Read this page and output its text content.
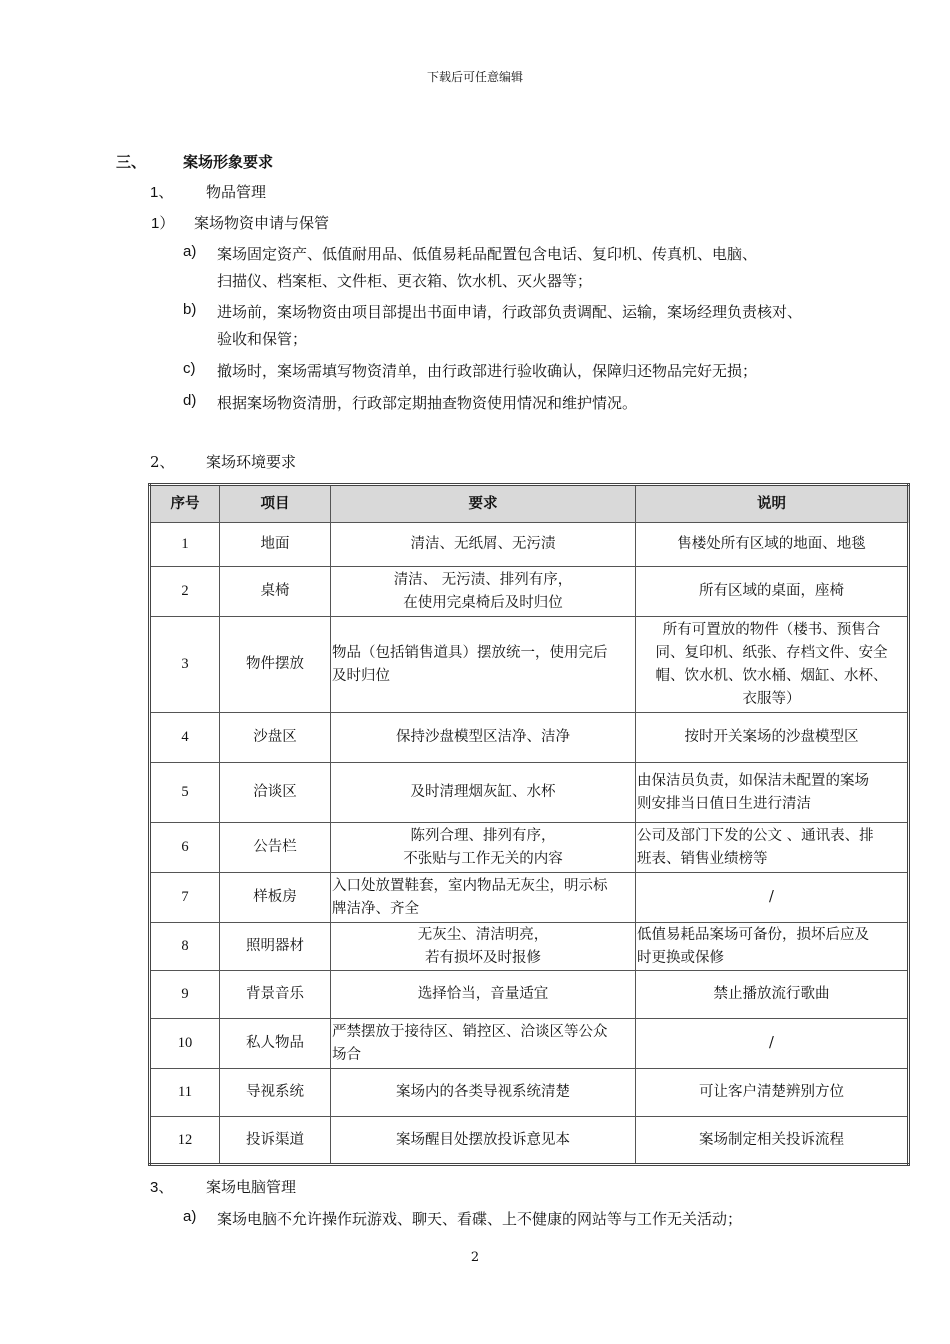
下载后可任意编辑
三、 案场形象要求
1、 物品管理
1） 案场物资申请与保管
a) 案场固定资产、低值耐用品、低值易耗品配置包含电话、复印机、传真机、电脑、
扫描仪、档案柜、文件柜、更衣箱、饮水机、灭火器等；
b) 进场前，案场物资由项目部提出书面申请，行政部负责调配、运输，案场经理负责核对、
验收和保管；
c) 撤场时，案场需填写物资清单，由行政部进行验收确认，保障归还物品完好无损；
d) 根据案场物资清册，行政部定期抽查物资使用情况和维护情况。
2、 案场环境要求
序号	项目	要求	说明
1	地面	清洁、无纸屑、无污渍	售楼处所有区域的地面、地毯
2	桌椅	清洁、 无污渍、排列有序，
在使用完桌椅后及时归位	所有区域的桌面，座椅
3	物件摆放	物品（包括销售道具）摆放统一，使用完后
及时归位	所有可置放的物件（楼书、预售合
同、复印机、纸张、存档文件、安全
帽、饮水机、饮水桶、烟缸、水杯、
衣服等）
4	沙盘区	保持沙盘模型区洁净、洁净	按时开关案场的沙盘模型区
5	洽谈区	及时清理烟灰缸、水杯	由保洁员负责，如保洁未配置的案场
则安排当日值日生进行清洁
6	公告栏	陈列合理、排列有序，
不张贴与工作无关的内容	公司及部门下发的公文 、通讯表、排
班表、销售业绩榜等
7	样板房	入口处放置鞋套，室内物品无灰尘，明示标
牌洁净、齐全	/
8	照明器材	无灰尘、清洁明亮，
若有损坏及时报修	低值易耗品案场可备份，损坏后应及
时更换或保修
9	背景音乐	选择恰当，音量适宜	禁止播放流行歌曲
10	私人物品	严禁摆放于接待区、销控区、洽谈区等公众
场合	/
11	导视系统	案场内的各类导视系统清楚	可让客户清楚辨别方位
12	投诉渠道	案场醒目处摆放投诉意见本	案场制定相关投诉流程
3、 案场电脑管理
a) 案场电脑不允许操作玩游戏、聊天、看碟、上不健康的网站等与工作无关活动；
2
